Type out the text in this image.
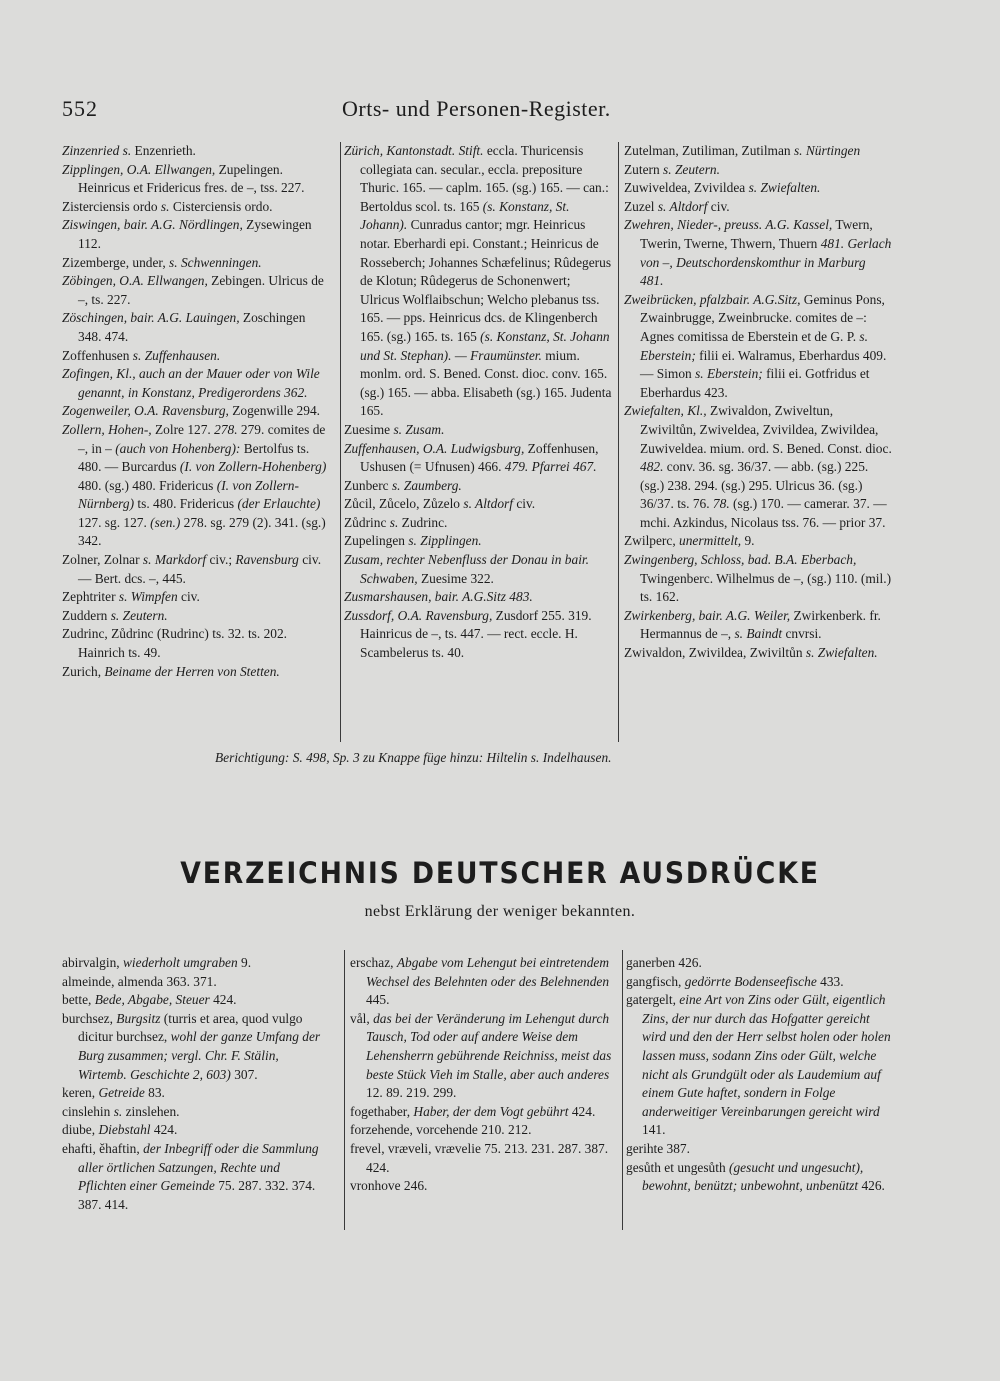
552	Orts- und Personen-Register.

Zinzenried s. Enzenrieth.

Zipplingen, O.A. Ellwangen, Zupelingen. Heinricus et Fridericus fres. de –, tss. 227.

Zisterciensis ordo s. Cisterciensis ordo.

Ziswingen, bair. A.G. Nördlingen, Zysewingen 112.

Zizemberge, under, s. Schwenningen.

Zöbingen, O.A. Ellwangen, Zebingen. Ulricus de –, ts. 227.

Zöschingen, bair. A.G. Lauingen, Zoschingen 348. 474.

Zoffenhusen s. Zuffenhausen.

Zofingen, Kl., auch an der Mauer oder von Wile genannt, in Konstanz, Predigerordens 362.

Zogenweiler, O.A. Ravensburg, Zogenwille 294.

Zollern, Hohen-, Zolre 127. 278. 279. comites de –, in – (auch von Hohenberg): Bertolfus ts. 480. — Burcardus (I. von Zollern-Hohenberg) 480. (sg.) 480. Fridericus (I. von Zollern-Nürnberg) ts. 480. Fridericus (der Erlauchte) 127. sg. 127. (sen.) 278. sg. 279 (2). 341. (sg.) 342.

Zolner, Zolnar s. Markdorf civ.; Ravensburg civ. — Bert. dcs. –, 445.

Zephtriter s. Wimpfen civ.

Zuddern s. Zeutern.

Zudrinc, Zůdrinc (Rudrinc) ts. 32. ts. 202. Hainrich ts. 49.

Zurich, Beiname der Herren von Stetten.

Zürich, Kantonstadt. Stift. eccla. Thuricensis collegiata can. secular., eccla. prepositure Thuric. 165. — caplm. 165. (sg.) 165. — can.: Bertoldus scol. ts. 165 (s. Konstanz, St. Johann). Cunradus cantor; mgr. Heinricus notar. Eberhardi epi. Constant.; Heinricus de Rosseberch; Johannes Schæfelinus; Rûdegerus de Klotun; Rûdegerus de Schonenwert; Ulricus Wolflaibschun; Welcho plebanus tss. 165. — pps. Heinricus dcs. de Klingenberch 165. (sg.) 165. ts. 165 (s. Konstanz, St. Johann und St. Stephan). — Fraumünster. mium. monlm. ord. S. Bened. Const. dioc. conv. 165. (sg.) 165. — abba. Elisabeth (sg.) 165. Judenta 165.

Zuesime s. Zusam.

Zuffenhausen, O.A. Ludwigsburg, Zoffenhusen, Ushusen (= Ufnusen) 466. 479. Pfarrei 467.

Zunberc s. Zaumberg.

Zůcil, Zůcelo, Zůzelo s. Altdorf civ.

Zůdrinc s. Zudrinc.

Zupelingen s. Zipplingen.

Zusam, rechter Nebenfluss der Donau in bair. Schwaben, Zuesime 322.

Zusmarshausen, bair. A.G.Sitz 483.

Zussdorf, O.A. Ravensburg, Zusdorf 255. 319. Hainricus de –, ts. 447. — rect. eccle. H. Scambelerus ts. 40.

Zutelman, Zutiliman, Zutilman s. Nürtingen

Zutern s. Zeutern.

Zuwiveldea, Zvivildea s. Zwiefalten.

Zuzel s. Altdorf civ.

Zwehren, Nieder-, preuss. A.G. Kassel, Twern, Twerin, Twerne, Thwern, Thuern 481. Gerlach von –, Deutschordenskomthur in Marburg 481.

Zweibrücken, pfalzbair. A.G.Sitz, Geminus Pons, Zwainbrugge, Zweinbrucke. comites de –: Agnes comitissa de Eberstein et de G. P. s. Eberstein; filii ei. Walramus, Eberhardus 409. — Simon s. Eberstein; filii ei. Gotfridus et Eberhardus 423.

Zwiefalten, Kl., Zwivaldon, Zwiveltun, Zwiviltůn, Zwiveldea, Zvivildea, Zwivildea, Zuwiveldea. mium. ord. S. Bened. Const. dioc. 482. conv. 36. sg. 36/37. — abb. (sg.) 225. (sg.) 238. 294. (sg.) 295. Ulricus 36. (sg.) 36/37. ts. 76. 78. (sg.) 170. — camerar. 37. — mchi. Azkindus, Nicolaus tss. 76. — prior 37.

Zwilperc, unermittelt, 9.

Zwingenberg, Schloss, bad. B.A. Eberbach, Twingenberc. Wilhelmus de –, (sg.) 110. (mil.) ts. 162.

Zwirkenberg, bair. A.G. Weiler, Zwirkenberk. fr. Hermannus de –, s. Baindt cnvrsi.

Zwivaldon, Zwivildea, Zwiviltůn s. Zwiefalten.

Berichtigung: S. 498, Sp. 3 zu Knappe füge hinzu: Hiltelin s. Indelhausen.
VERZEICHNIS DEUTSCHER AUSDRÜCKE
nebst Erklärung der weniger bekannten.

abirvalgin, wiederholt umgraben 9.

almeinde, almenda 363. 371.

bette, Bede, Abgabe, Steuer 424.

burchsez, Burgsitz (turris et area, quod vulgo dicitur burchsez, wohl der ganze Umfang der Burg zusammen; vergl. Chr. F. Stälin, Wirtemb. Geschichte 2, 603) 307.

keren, Getreide 83.

cinslehin s. zinslehen.

diube, Diebstahl 424.

ehafti, ěhaftin, der Inbegriff oder die Sammlung aller örtlichen Satzungen, Rechte und Pflichten einer Gemeinde 75. 287. 332. 374. 387. 414.

erschaz, Abgabe vom Lehengut bei eintretendem Wechsel des Belehnten oder des Belehnenden 445.

vål, das bei der Veränderung im Lehengut durch Tausch, Tod oder auf andere Weise dem Lehensherrn gebührende Reichniss, meist das beste Stück Vieh im Stalle, aber auch anderes 12. 89. 219. 299.

fogethaber, Haber, der dem Vogt gebührt 424.

forzehende, vorcehende 210. 212.

frevel, vræveli, vrævelie 75. 213. 231. 287. 387. 424.

vronhove 246.

ganerben 426.

gangfisch, gedörrte Bodenseefische 433.

gatergelt, eine Art von Zins oder Gült, eigentlich Zins, der nur durch das Hofgatter gereicht wird und den der Herr selbst holen oder holen lassen muss, sodann Zins oder Gült, welche nicht als Grundgült oder als Laudemium auf einem Gute haftet, sondern in Folge anderweitiger Vereinbarungen gereicht wird 141.

gerihte 387.

gesůth et ungesůth (gesucht und ungesucht), bewohnt, benützt; unbewohnt, unbenützt 426.
